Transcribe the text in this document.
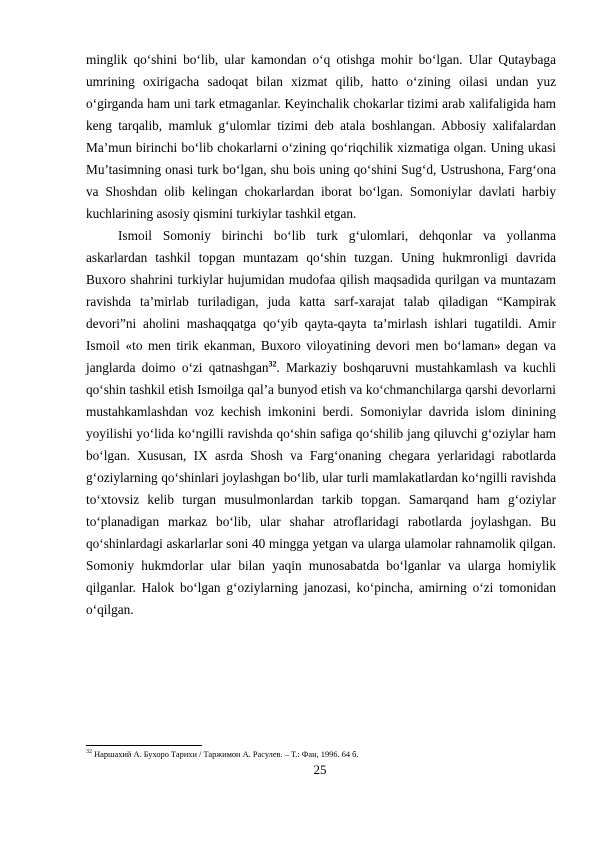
minglik qo‘shini bo‘lib, ular kamondan o‘q otishga mohir bo‘lgan. Ular Qutaybaga umrining oxirigacha sadoqat bilan xizmat qilib, hatto o‘zining oilasi undan yuz o‘girganda ham uni tark etmaganlar. Keyinchalik chokarlar tizimi arab xalifaligida ham keng tarqalib, mamluk g‘ulomlar tizimi deb atala boshlangan. Abbosiy xalifalardan Ma’mun birinchi bo‘lib chokarlarni o‘zining qo‘riqchilik xizmatiga olgan. Uning ukasi Mu’tasimning onasi turk bo‘lgan, shu bois uning qo‘shini Sug‘d, Ustrushona, Farg‘ona va Shoshdan olib kelingan chokarlardan iborat bo‘lgan. Somoniylar davlati harbiy kuchlarining asosiy qismini turkiylar tashkil etgan.

Ismoil Somoniy birinchi bo‘lib turk g‘ulomlari, dehqonlar va yollanma askarlardan tashkil topgan muntazam qo‘shin tuzgan. Uning hukmronligi davrida Buxoro shahrini turkiylar hujumidan mudofaa qilish maqsadida qurilgan va muntazam ravishda ta’mirlab turiladigan, juda katta sarf-xarajat talab qiladigan “Kampirak devori”ni aholini mashaqqatga qo‘yib qayta-qayta ta’mirlash ishlari tugatildi. Amir Ismoil «to men tirik ekanman, Buxoro viloyatining devori men bo‘laman» degan va janglarda doimo o‘zi qatnashgan$^{32}$. Markaziy boshqaruvni mustahkamlash va kuchli qo‘shin tashkil etish Ismoilga qal’a bunyod etish va ko‘chmanchilarga qarshi devorlarni mustahkamlashdan voz kechish imkonini berdi. Somoniylar davrida islom dinining yoyilishi yo‘lida ko‘ngilli ravishda qo‘shin safiga qo‘shilib jang qiluvchi g‘oziylar ham bo‘lgan. Xususan, IX asrda Shosh va Farg‘onaning chegara yerlaridagi rabotlarda g‘oziylarning qo‘shinlari joylashgan bo‘lib, ular turli mamlakatlardan ko‘ngilli ravishda to‘xtovsiz kelib turgan musulmonlardan tarkib topgan. Samarqand ham g‘oziylar to‘planadigan markaz bo‘lib, ular shahar atroflaridagi rabotlarda joylashgan. Bu qo‘shinlardagi askarlarlar soni 40 mingga yetgan va ularga ulamolar rahnamolik qilgan. Somoniy hukmdorlar ular bilan yaqin munosabatda bo‘lganlar va ularga homiylik qilganlar. Halok bo‘lgan g‘oziylarning janozasi, ko‘pincha, amirning o‘zi tomonidan o‘qilgan.

$^{32}$ Наршахий А. Бухоро Тарихи / Таржимон А. Расулев. – Т.: Фан, 1996. 64 б.
25
